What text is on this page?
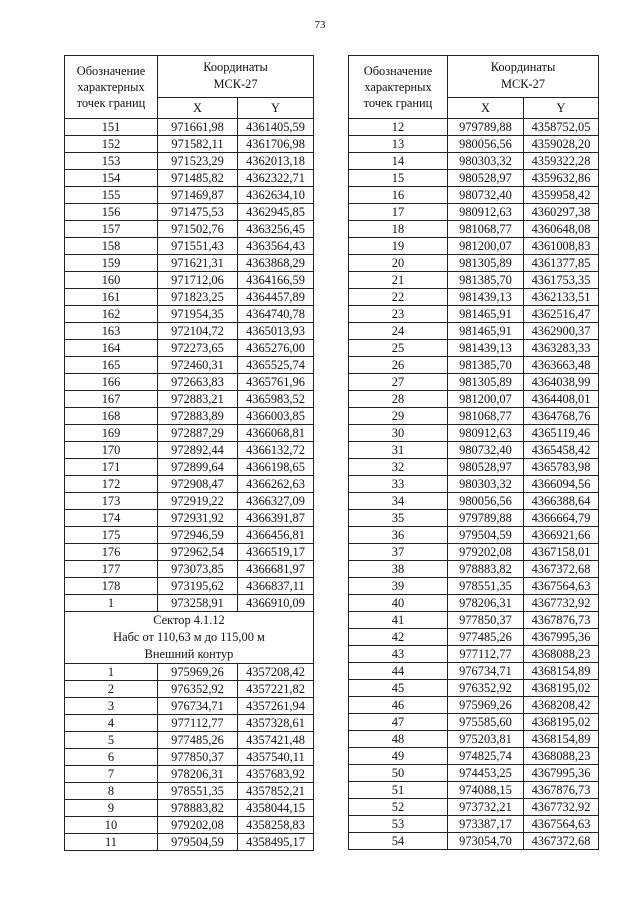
73
Обозначение характерных точек границ	Координаты	
	МСК-27	
	X	Y
151	971661,98	4361405,59
152	971582,11	4361706,98
153	971523,29	4362013,18
154	971485,82	4362322,71
155	971469,87	4362634,10
156	971475,53	4362945,85
157	971502,76	4363256,45
158	971551,43	4363564,43
159	971621,31	4363868,29
160	971712,06	4364166,59
161	971823,25	4364457,89
162	971954,35	4364740,78
163	972104,72	4365013,93
164	972273,65	4365276,00
165	972460,31	4365525,74
166	972663,83	4365761,96
167	972883,21	4365983,52
168	972883,89	4366003,85
169	972887,29	4366068,81
170	972892,44	4366132,72
171	972899,64	4366198,65
172	972908,47	4366262,63
173	972919,22	4366327,09
174	972931,92	4366391,87
175	972946,59	4366456,81
176	972962,54	4366519,17
177	973073,85	4366681,97
178	973195,62	4366837,11
1	973258,91	4366910,09
Сектор 4.1.12		
Набс от 110,63 м до 115,00 м		
Внешний контур		
1	975969,26	4357208,42
2	976352,92	4357221,82
3	976734,71	4357261,94
4	977112,77	4357328,61
5	977485,26	4357421,48
6	977850,37	4357540,11
7	978206,31	4357683,92
8	978551,35	4357852,21
9	978883,82	4358044,15
10	979202,08	4358258,83
11	979504,59	4358495,17
Обозначение характерных точек границ	Координаты	
	МСК-27	
	X	Y
12	979789,88	4358752,05
13	980056,56	4359028,20
14	980303,32	4359322,28
15	980528,97	4359632,86
16	980732,40	4359958,42
17	980912,63	4360297,38
18	981068,77	4360648,08
19	981200,07	4361008,83
20	981305,89	4361377,85
21	981385,70	4361753,35
22	981439,13	4362133,51
23	981465,91	4362516,47
24	981465,91	4362900,37
25	981439,13	4363283,33
26	981385,70	4363663,48
27	981305,89	4364038,99
28	981200,07	4364408,01
29	981068,77	4364768,76
30	980912,63	4365119,46
31	980732,40	4365458,42
32	980528,97	4365783,98
33	980303,32	4366094,56
34	980056,56	4366388,64
35	979789,88	4366664,79
36	979504,59	4366921,66
37	979202,08	4367158,01
38	978883,82	4367372,68
39	978551,35	4367564,63
40	978206,31	4367732,92
41	977850,37	4367876,73
42	977485,26	4367995,36
43	977112,77	4368088,23
44	976734,71	4368154,89
45	976352,92	4368195,02
46	975969,26	4368208,42
47	975585,60	4368195,02
48	975203,81	4368154,89
49	974825,74	4368088,23
50	974453,25	4367995,36
51	974088,15	4367876,73
52	973732,21	4367732,92
53	973387,17	4367564,63
54	973054,70	4367372,68
